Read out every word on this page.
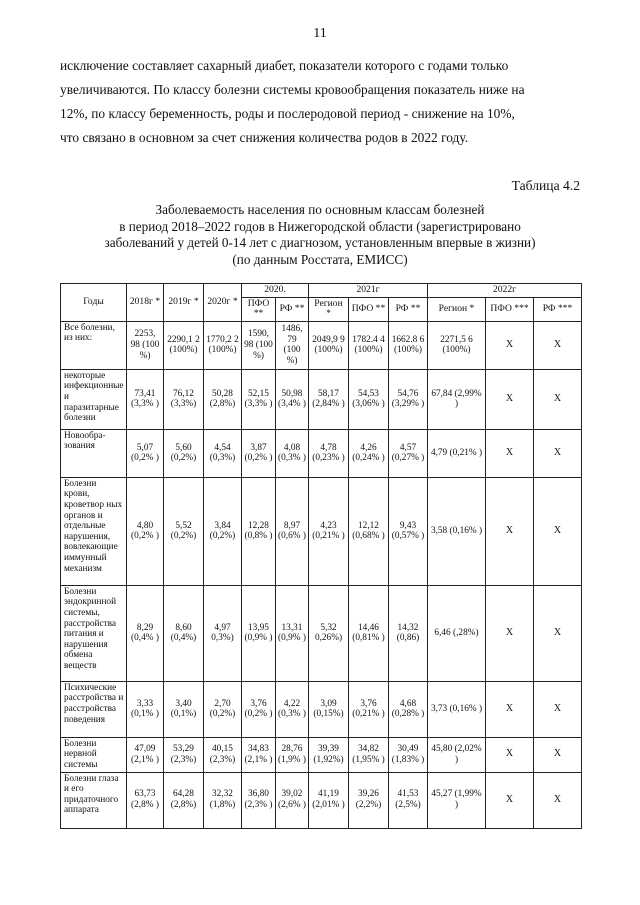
11

исключение составляет сахарный диабет, показатели которого с годами только

увеличиваются. По классу болезни системы кровообращения показатель ниже на

12%, по классу беременность, роды и послеродовой период - снижение на 10%,

что связано в основном за счет снижения количества родов в 2022 году.

Таблица 4.2
Заболеваемость населения по основным классам болезней
в период 2018–2022 годов в Нижегородской области (зарегистрировано
заболеваний у детей 0-14 лет с диагнозом, установленным впервые в жизни)
(по данным Росстата, ЕМИСС)
Годы	2018г *	2019г *	2020г *	2020.		2021г			2022г		
				ПФО **	РФ **	Регион *	ПФО **	РФ **	Регион *	ПФО ***	РФ ***
Все болезни, из них:	2253, 98 (100 %)	2290,1 2 (100%)	1770,2 2 (100%)	1590, 98 (100 %)	1486, 79 (100 %)	2049,9 9 (100%)	1782.4 4 (100%)	1662.8 6 (100%)	2271,5 6 (100%)	X	X
некоторые инфекционные и паразитарные болезни	73,41 (3,3% )	76,12 (3,3%)	50,28 (2,8%)	52,15 (3,3% )	50,98 (3,4% )	58,17 (2,84% )	54,53 (3,06% )	54,76 (3,29% )	67,84 (2,99% )	X	X
Новообра- зования	5,07 (0,2% )	5,60 (0,2%)	4,54 (0,3%)	3,87 (0,2% )	4,08 (0,3% )	4,78 (0,23% )	4,26 (0,24% )	4,57 (0,27% )	4,79 (0,21% )	X	X
Болезни крови, кроветвор ных органов и отдельные нарушения, вовлекающие иммунный механизм	4,80 (0,2% )	5,52 (0,2%)	3,84 (0,2%)	12,28 (0,8% )	8,97 (0,6% )	4,23 (0,21% )	12,12 (0,68% )	9,43 (0,57% )	3,58 (0,16% )	X	X
Болезни эндокринной системы, расстройства питания и нарушения обмена веществ	8,29 (0,4% )	8,60 (0,4%)	4,97 0,3%)	13,95 (0,9% )	13,31 (0,9% )	5,32 0,26%)	14,46 (0,81% )	14,32 (0,86)	6,46 (,28%)	X	X
Психические расстройства и расстройства поведения	3,33 (0,1% )	3,40 (0,1%)	2,70 (0,2%)	3,76 (0,2% )	4,22 (0,3% )	3,09 (0,15%)	3,76 (0,21% )	4,68 (0,28% )	3,73 (0,16% )	X	X
Болезни нервной системы	47,09 (2,1% )	53,29 (2,3%)	40,15 (2,3%)	34,83 (2,1% )	28,76 (1,9% )	39,39 (1,92%)	34,82 (1,95% )	30,49 (1,83% )	45,80 (2,02% )	X	X
Болезни глаза и его придаточного аппарата	63,73 (2,8% )	64,28 (2,8%)	32,32 (1,8%)	36,80 (2,3% )	39,02 (2,6% )	41,19 (2,01% )	39,26 (2,2%)	41,53 (2,5%)	45,27 (1,99% )	X	X
